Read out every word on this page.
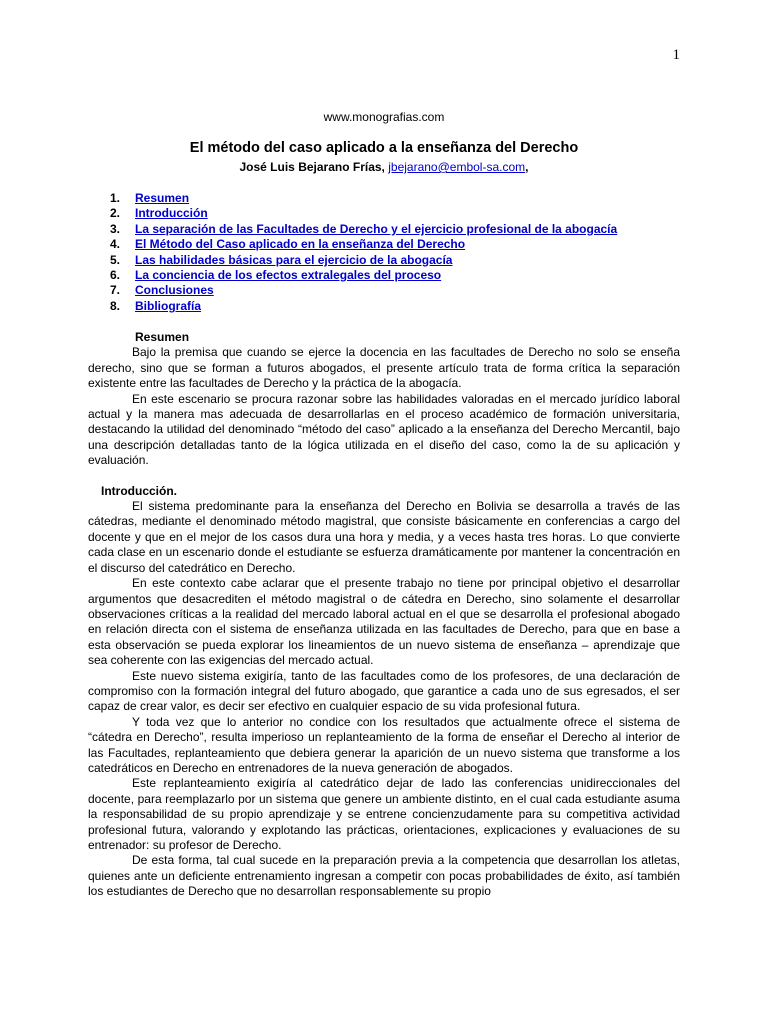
1
www.monografias.com
El método del caso aplicado a la enseñanza del Derecho
José Luis Bejarano Frías, jbejarano@embol-sa.com,
1.	Resumen
2.	Introducción
3.	La separación de las Facultades de Derecho y el ejercicio profesional de la abogacía
4.	El Método del Caso aplicado en la enseñanza del Derecho
5.	Las habilidades básicas para el ejercicio de la abogacía
6.	La conciencia de los efectos extralegales del proceso
7.	Conclusiones
8.	Bibliografía
Resumen

Bajo la premisa que cuando se ejerce la docencia en las facultades de Derecho no solo se enseña derecho, sino que se forman a futuros abogados, el presente artículo trata de forma crítica la separación existente entre las facultades de Derecho y la práctica de la abogacía.

En este escenario se procura razonar sobre las habilidades valoradas en el mercado jurídico laboral actual y la manera mas adecuada de desarrollarlas en el proceso académico de formación universitaria, destacando la utilidad del denominado “método del caso” aplicado a la enseñanza del Derecho Mercantil, bajo una descripción detalladas tanto de la lógica utilizada en el diseño del caso, como la de su aplicación y evaluación.

Introducción.

El sistema predominante para la enseñanza del Derecho en Bolivia se desarrolla a través de las cátedras, mediante el denominado método magistral, que consiste básicamente en conferencias a cargo del docente y que en el mejor de los casos dura una hora y media, y a veces hasta tres horas. Lo que convierte cada clase en un escenario donde el estudiante se esfuerza dramáticamente por mantener la concentración en el discurso del catedrático en Derecho.

En este contexto cabe aclarar que el presente trabajo no tiene por principal objetivo el desarrollar argumentos que desacrediten el método magistral o de cátedra en Derecho, sino solamente el desarrollar observaciones críticas a la realidad del mercado laboral actual en el que se desarrolla el profesional abogado en relación directa con el sistema de enseñanza utilizada en las facultades de Derecho, para que en base a esta observación se pueda explorar los lineamientos de un nuevo sistema de enseñanza – aprendizaje que sea coherente con las exigencias del mercado actual.

Este nuevo sistema exigiría, tanto de las facultades como de los profesores, de una declaración de compromiso con la formación integral del futuro abogado, que garantice a cada uno de sus egresados, el ser capaz de crear valor, es decir ser efectivo en cualquier espacio de su vida profesional futura.

Y toda vez que lo anterior no condice con los resultados que actualmente ofrece el sistema de “cátedra en Derecho”, resulta imperioso un replanteamiento de la forma de enseñar el Derecho al interior de las Facultades, replanteamiento que debiera generar la aparición de un nuevo sistema que transforme a los catedráticos en Derecho en entrenadores de la nueva generación de abogados.

Este replanteamiento exigiría al catedrático dejar de lado las conferencias unidireccionales del docente, para reemplazarlo por un sistema que genere un ambiente distinto, en el cual cada estudiante asuma la responsabilidad de su propio aprendizaje y se entrene concienzudamente para su competitiva actividad profesional futura, valorando y explotando las prácticas, orientaciones, explicaciones y evaluaciones de su entrenador: su profesor de Derecho.

De esta forma, tal cual sucede en la preparación previa a la competencia que desarrollan los atletas, quienes ante un deficiente entrenamiento ingresan a competir con pocas probabilidades de éxito, así también los estudiantes de Derecho que no desarrollan responsablemente su propio
